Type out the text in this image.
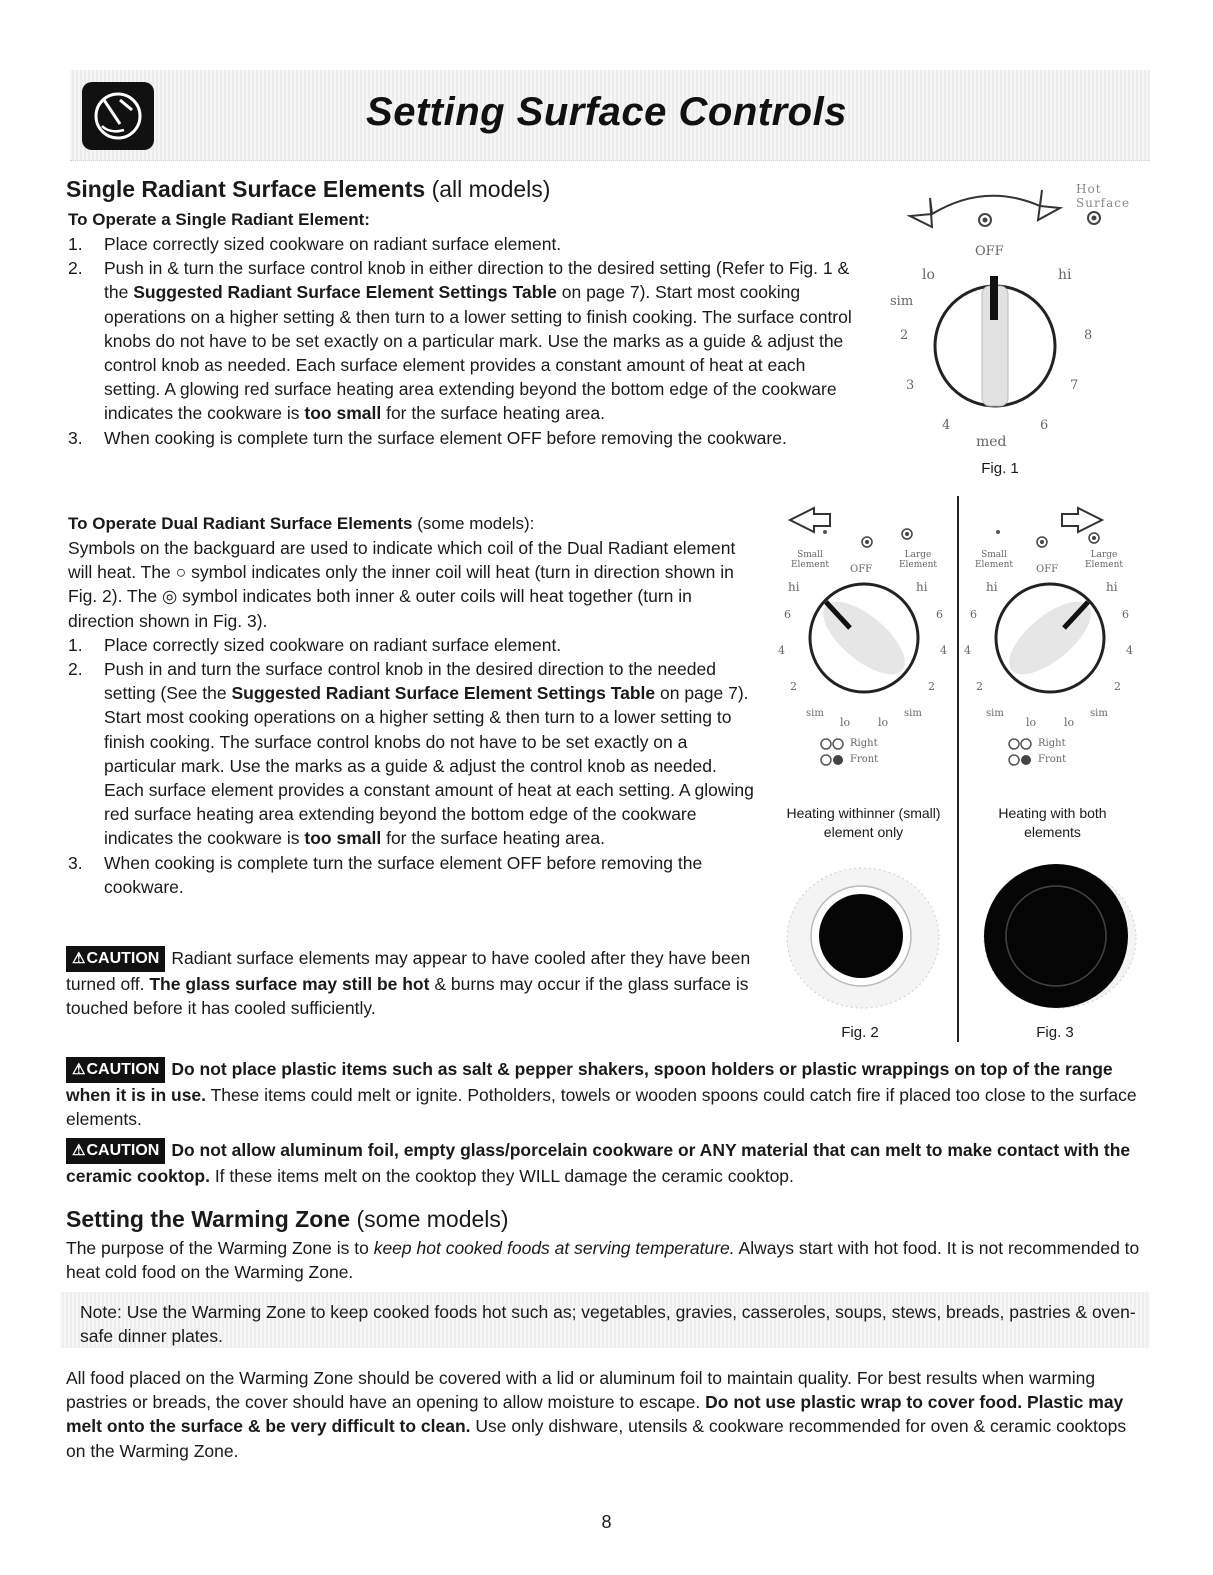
Setting Surface Controls
Single Radiant Surface Elements (all models)
To Operate a Single Radiant Element:
1. Place correctly sized cookware on radiant surface element.
2. Push in & turn the surface control knob in either direction to the desired setting (Refer to Fig. 1 & the Suggested Radiant Surface Element Settings Table on page 7). Start most cooking operations on a higher setting & then turn to a lower setting to finish cooking. The surface control knobs do not have to be set exactly on a particular mark. Use the marks as a guide & adjust the control knob as needed. Each surface element provides a constant amount of heat at each setting. A glowing red surface heating area extending beyond the bottom edge of the cookware indicates the cookware is too small for the surface heating area.
3. When cooking is complete turn the surface element OFF before removing the cookware.
To Operate Dual Radiant Surface Elements (some models):
Symbols on the backguard are used to indicate which coil of the Dual Radiant element will heat. The ○ symbol indicates only the inner coil will heat (turn in direction shown in Fig. 2). The ◎ symbol indicates both inner & outer coils will heat together (turn in direction shown in Fig. 3).
1. Place correctly sized cookware on radiant surface element.
2. Push in and turn the surface control knob in the desired direction to the needed setting (See the Suggested Radiant Surface Element Settings Table on page 7). Start most cooking operations on a higher setting & then turn to a lower setting to finish cooking. The surface control knobs do not have to be set exactly on a particular mark. Use the marks as a guide & adjust the control knob as needed. Each surface element provides a constant amount of heat at each setting. A glowing red surface heating area extending beyond the bottom edge of the cookware indicates the cookware is too small for the surface heating area.
3. When cooking is complete turn the surface element OFF before removing the cookware.
⚠CAUTION Radiant surface elements may appear to have cooled after they have been turned off. The glass surface may still be hot & burns may occur if the glass surface is touched before it has cooled sufficiently.
Hot Surface
OFF
lo	hi
sim
2
3
4
med
6
7
8
Fig. 1
Small Element OFF
Large Element
hi	hi
6	6
4	4
2	2
sim	sim
lo	lo
Right
Front
Heating withinner (small) element only
Fig. 2
Small Element OFF
Large Element
hi	hi
6	6
4	4
2	2
sim	sim
lo	lo
Right
Front
Heating with both elements
Fig. 3
⚠CAUTION Do not place plastic items such as salt & pepper shakers, spoon holders or plastic wrappings on top of the range when it is in use. These items could melt or ignite. Potholders, towels or wooden spoons could catch fire if placed too close to the surface elements.
⚠CAUTION Do not allow aluminum foil, empty glass/porcelain cookware or ANY material that can melt to make contact with the ceramic cooktop. If these items melt on the cooktop they WILL damage the ceramic cooktop.
Setting the Warming Zone (some models)
The purpose of the Warming Zone is to keep hot cooked foods at serving temperature. Always start with hot food. It is not recommended to heat cold food on the Warming Zone.
Note: Use the Warming Zone to keep cooked foods hot such as; vegetables, gravies, casseroles, soups, stews, breads, pastries & oven-safe dinner plates.
All food placed on the Warming Zone should be covered with a lid or aluminum foil to maintain quality. For best results when warming pastries or breads, the cover should have an opening to allow moisture to escape. Do not use plastic wrap to cover food. Plastic may melt onto the surface & be very difficult to clean. Use only dishware, utensils & cookware recommended for oven & ceramic cooktops on the Warming Zone.
8
